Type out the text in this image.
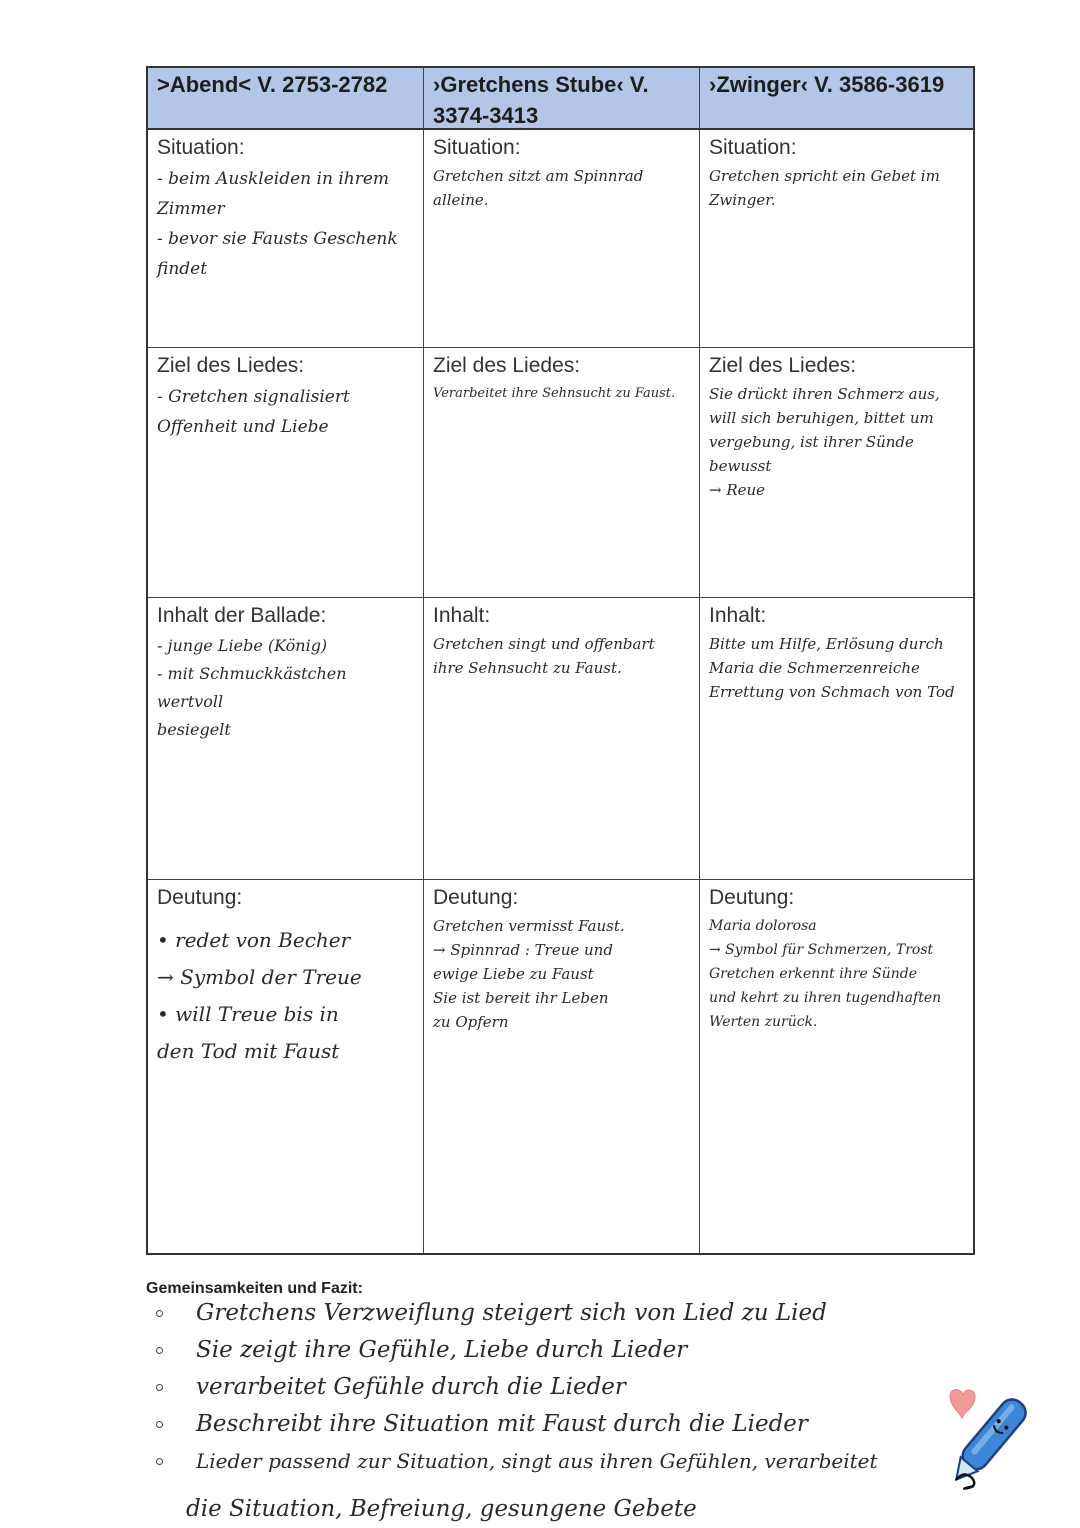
>Abend< V. 2753-2782	›Gretchens Stube‹ V. 3374-3413
›Zwinger‹ V. 3586-3619
Situation:
- beim Auskleiden in ihrem
Zimmer
- bevor sie Fausts Geschenk
findet
Situation:
Gretchen sitzt am Spinnrad
alleine.
Situation:
Gretchen spricht ein Gebet im
Zwinger.
Ziel des Liedes:
- Gretchen signalisiert
Offenheit und Liebe
Ziel des Liedes:
Verarbeitet ihre Sehnsucht zu Faust.
Ziel des Liedes:
Sie drückt ihren Schmerz aus,
will sich beruhigen, bittet um
vergebung, ist ihrer Sünde bewusst
→ Reue
Inhalt der Ballade:
- junge Liebe (König)
- mit Schmuckkästchen wertvoll
besiegelt
Inhalt:
Gretchen singt und offenbart
ihre Sehnsucht zu Faust.
Inhalt:
Bitte um Hilfe, Erlösung durch
Maria die Schmerzenreiche
Errettung von Schmach von Tod
Deutung:
• redet von Becher
→ Symbol der Treue
• will Treue bis in
den Tod mit Faust
Deutung:
Gretchen vermisst Faust.
→ Spinnrad : Treue und
ewige Liebe zu Faust
Sie ist bereit ihr Leben
zu Opfern
Deutung:
Maria dolorosa
→ Symbol für Schmerzen, Trost
Gretchen erkennt ihre Sünde
und kehrt zu ihren tugendhaften
Werten zurück.
Gemeinsamkeiten und Fazit:
Gretchens Verzweiflung steigert sich von Lied zu Lied
Sie zeigt ihre Gefühle, Liebe durch Lieder
verarbeitet Gefühle durch die Lieder
Beschreibt ihre Situation mit Faust durch die Lieder
Lieder passend zur Situation, singt aus ihren Gefühlen, verarbeitet
die Situation, Befreiung, gesungene Gebete
